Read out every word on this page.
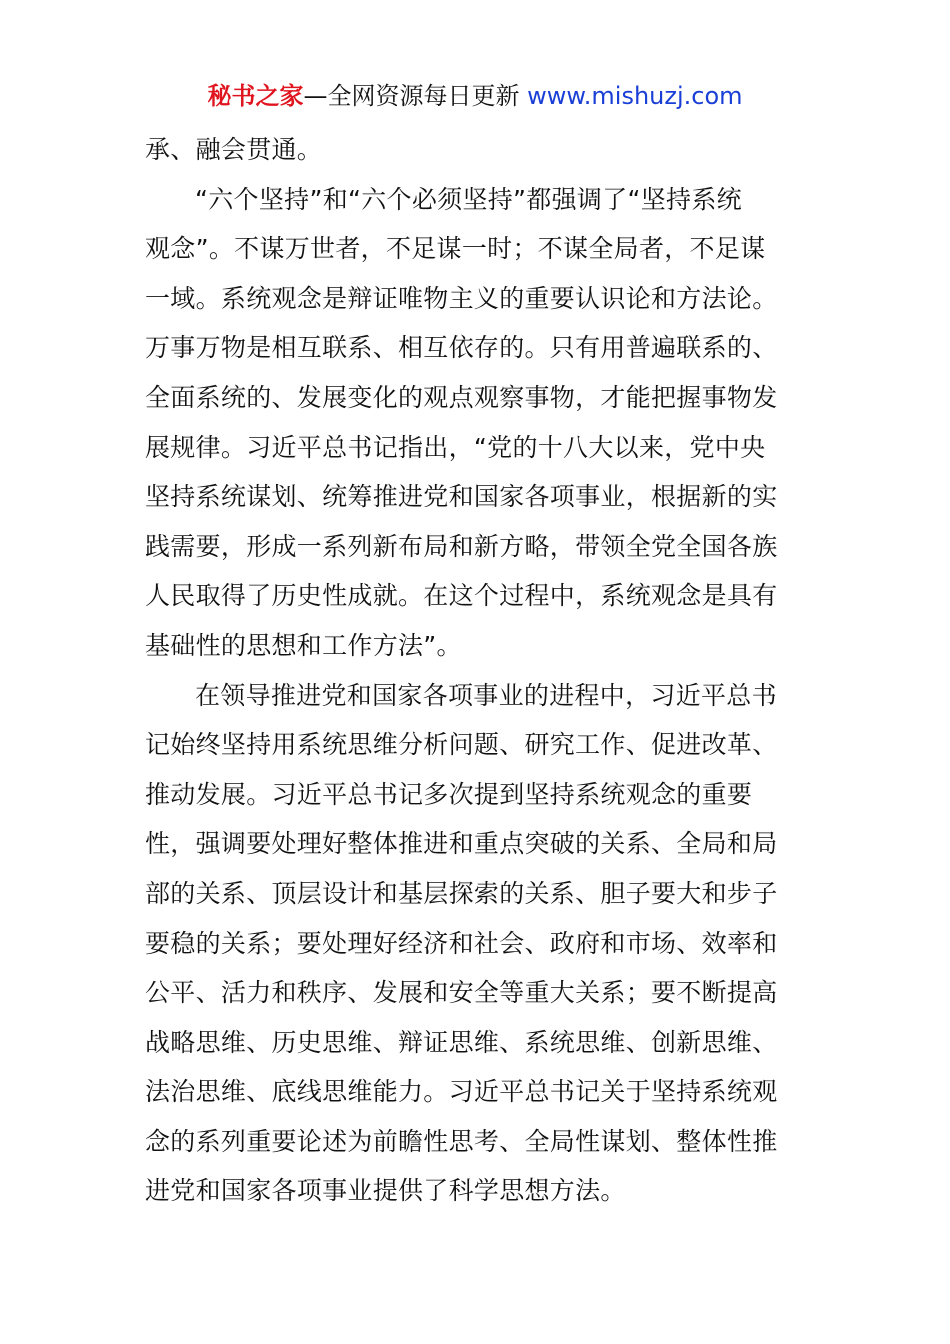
秘书之家—全网资源每日更新 www.mishuzj.com
承、融会贯通。
“六个坚持”和“六个必须坚持”都强调了“坚持系统
观念”。不谋万世者，不足谋一时；不谋全局者，不足谋
一域。系统观念是辩证唯物主义的重要认识论和方法论。
万事万物是相互联系、相互依存的。只有用普遍联系的、
全面系统的、发展变化的观点观察事物，才能把握事物发
展规律。习近平总书记指出，“党的十八大以来，党中央
坚持系统谋划、统筹推进党和国家各项事业，根据新的实
践需要，形成一系列新布局和新方略，带领全党全国各族
人民取得了历史性成就。在这个过程中，系统观念是具有
基础性的思想和工作方法”。
在领导推进党和国家各项事业的进程中，习近平总书
记始终坚持用系统思维分析问题、研究工作、促进改革、
推动发展。习近平总书记多次提到坚持系统观念的重要
性，强调要处理好整体推进和重点突破的关系、全局和局
部的关系、顶层设计和基层探索的关系、胆子要大和步子
要稳的关系；要处理好经济和社会、政府和市场、效率和
公平、活力和秩序、发展和安全等重大关系；要不断提高
战略思维、历史思维、辩证思维、系统思维、创新思维、
法治思维、底线思维能力。习近平总书记关于坚持系统观
念的系列重要论述为前瞻性思考、全局性谋划、整体性推
进党和国家各项事业提供了科学思想方法。
